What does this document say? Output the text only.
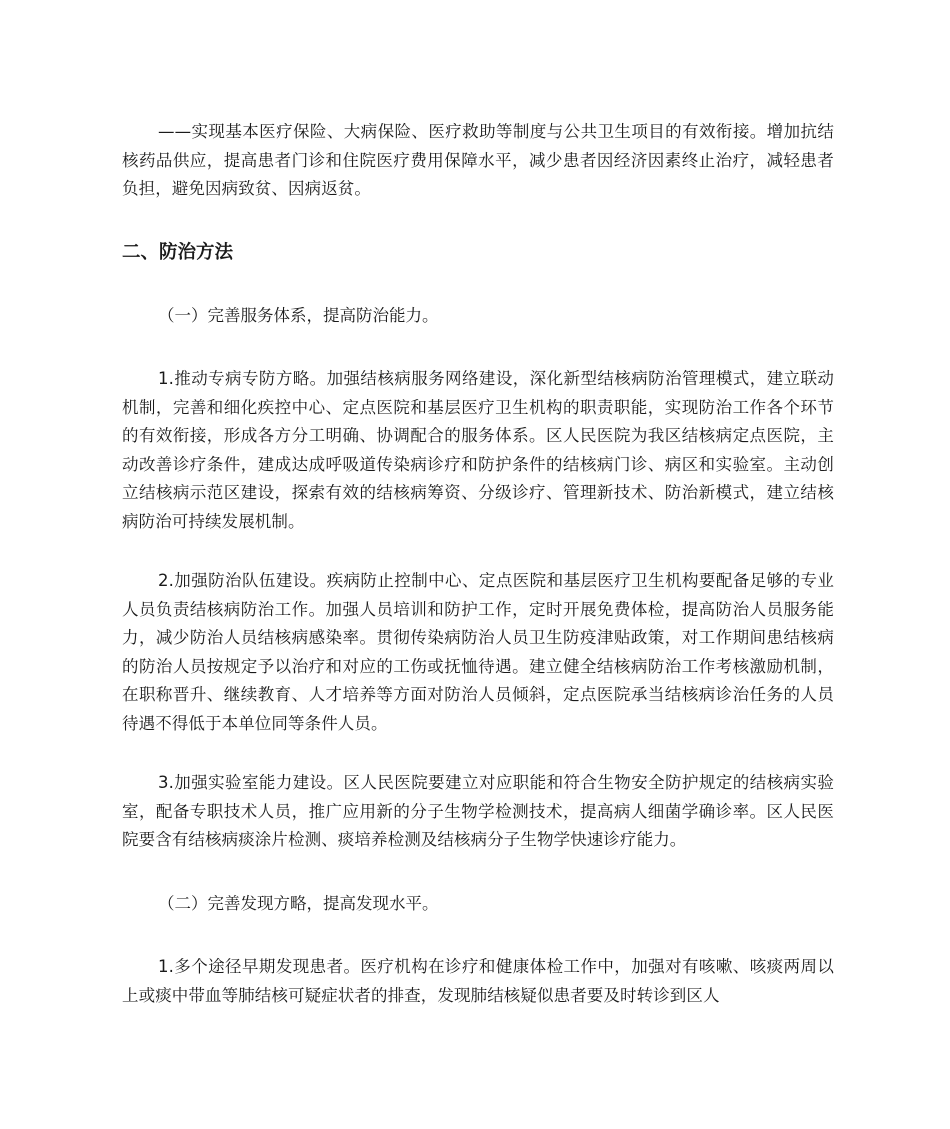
——实现基本医疗保险、大病保险、医疗救助等制度与公共卫生项目的有效衔接。增加抗结核药品供应，提高患者门诊和住院医疗费用保障水平，减少患者因经济因素终止治疗，减轻患者负担，避免因病致贫、因病返贫。

二、防治方法

（一）完善服务体系，提高防治能力。

1.推动专病专防方略。加强结核病服务网络建设，深化新型结核病防治管理模式，建立联动机制，完善和细化疾控中心、定点医院和基层医疗卫生机构的职责职能，实现防治工作各个环节的有效衔接，形成各方分工明确、协调配合的服务体系。区人民医院为我区结核病定点医院，主动改善诊疗条件，建成达成呼吸道传染病诊疗和防护条件的结核病门诊、病区和实验室。主动创立结核病示范区建设，探索有效的结核病筹资、分级诊疗、管理新技术、防治新模式，建立结核病防治可持续发展机制。

2.加强防治队伍建设。疾病防止控制中心、定点医院和基层医疗卫生机构要配备足够的专业人员负责结核病防治工作。加强人员培训和防护工作，定时开展免费体检，提高防治人员服务能力，减少防治人员结核病感染率。贯彻传染病防治人员卫生防疫津贴政策，对工作期间患结核病的防治人员按规定予以治疗和对应的工伤或抚恤待遇。建立健全结核病防治工作考核激励机制，在职称晋升、继续教育、人才培养等方面对防治人员倾斜，定点医院承当结核病诊治任务的人员待遇不得低于本单位同等条件人员。

3.加强实验室能力建设。区人民医院要建立对应职能和符合生物安全防护规定的结核病实验室，配备专职技术人员，推广应用新的分子生物学检测技术，提高病人细菌学确诊率。区人民医院要含有结核病痰涂片检测、痰培养检测及结核病分子生物学快速诊疗能力。

（二）完善发现方略，提高发现水平。

1.多个途径早期发现患者。医疗机构在诊疗和健康体检工作中，加强对有咳嗽、咳痰两周以上或痰中带血等肺结核可疑症状者的排查，发现肺结核疑似患者要及时转诊到区人
